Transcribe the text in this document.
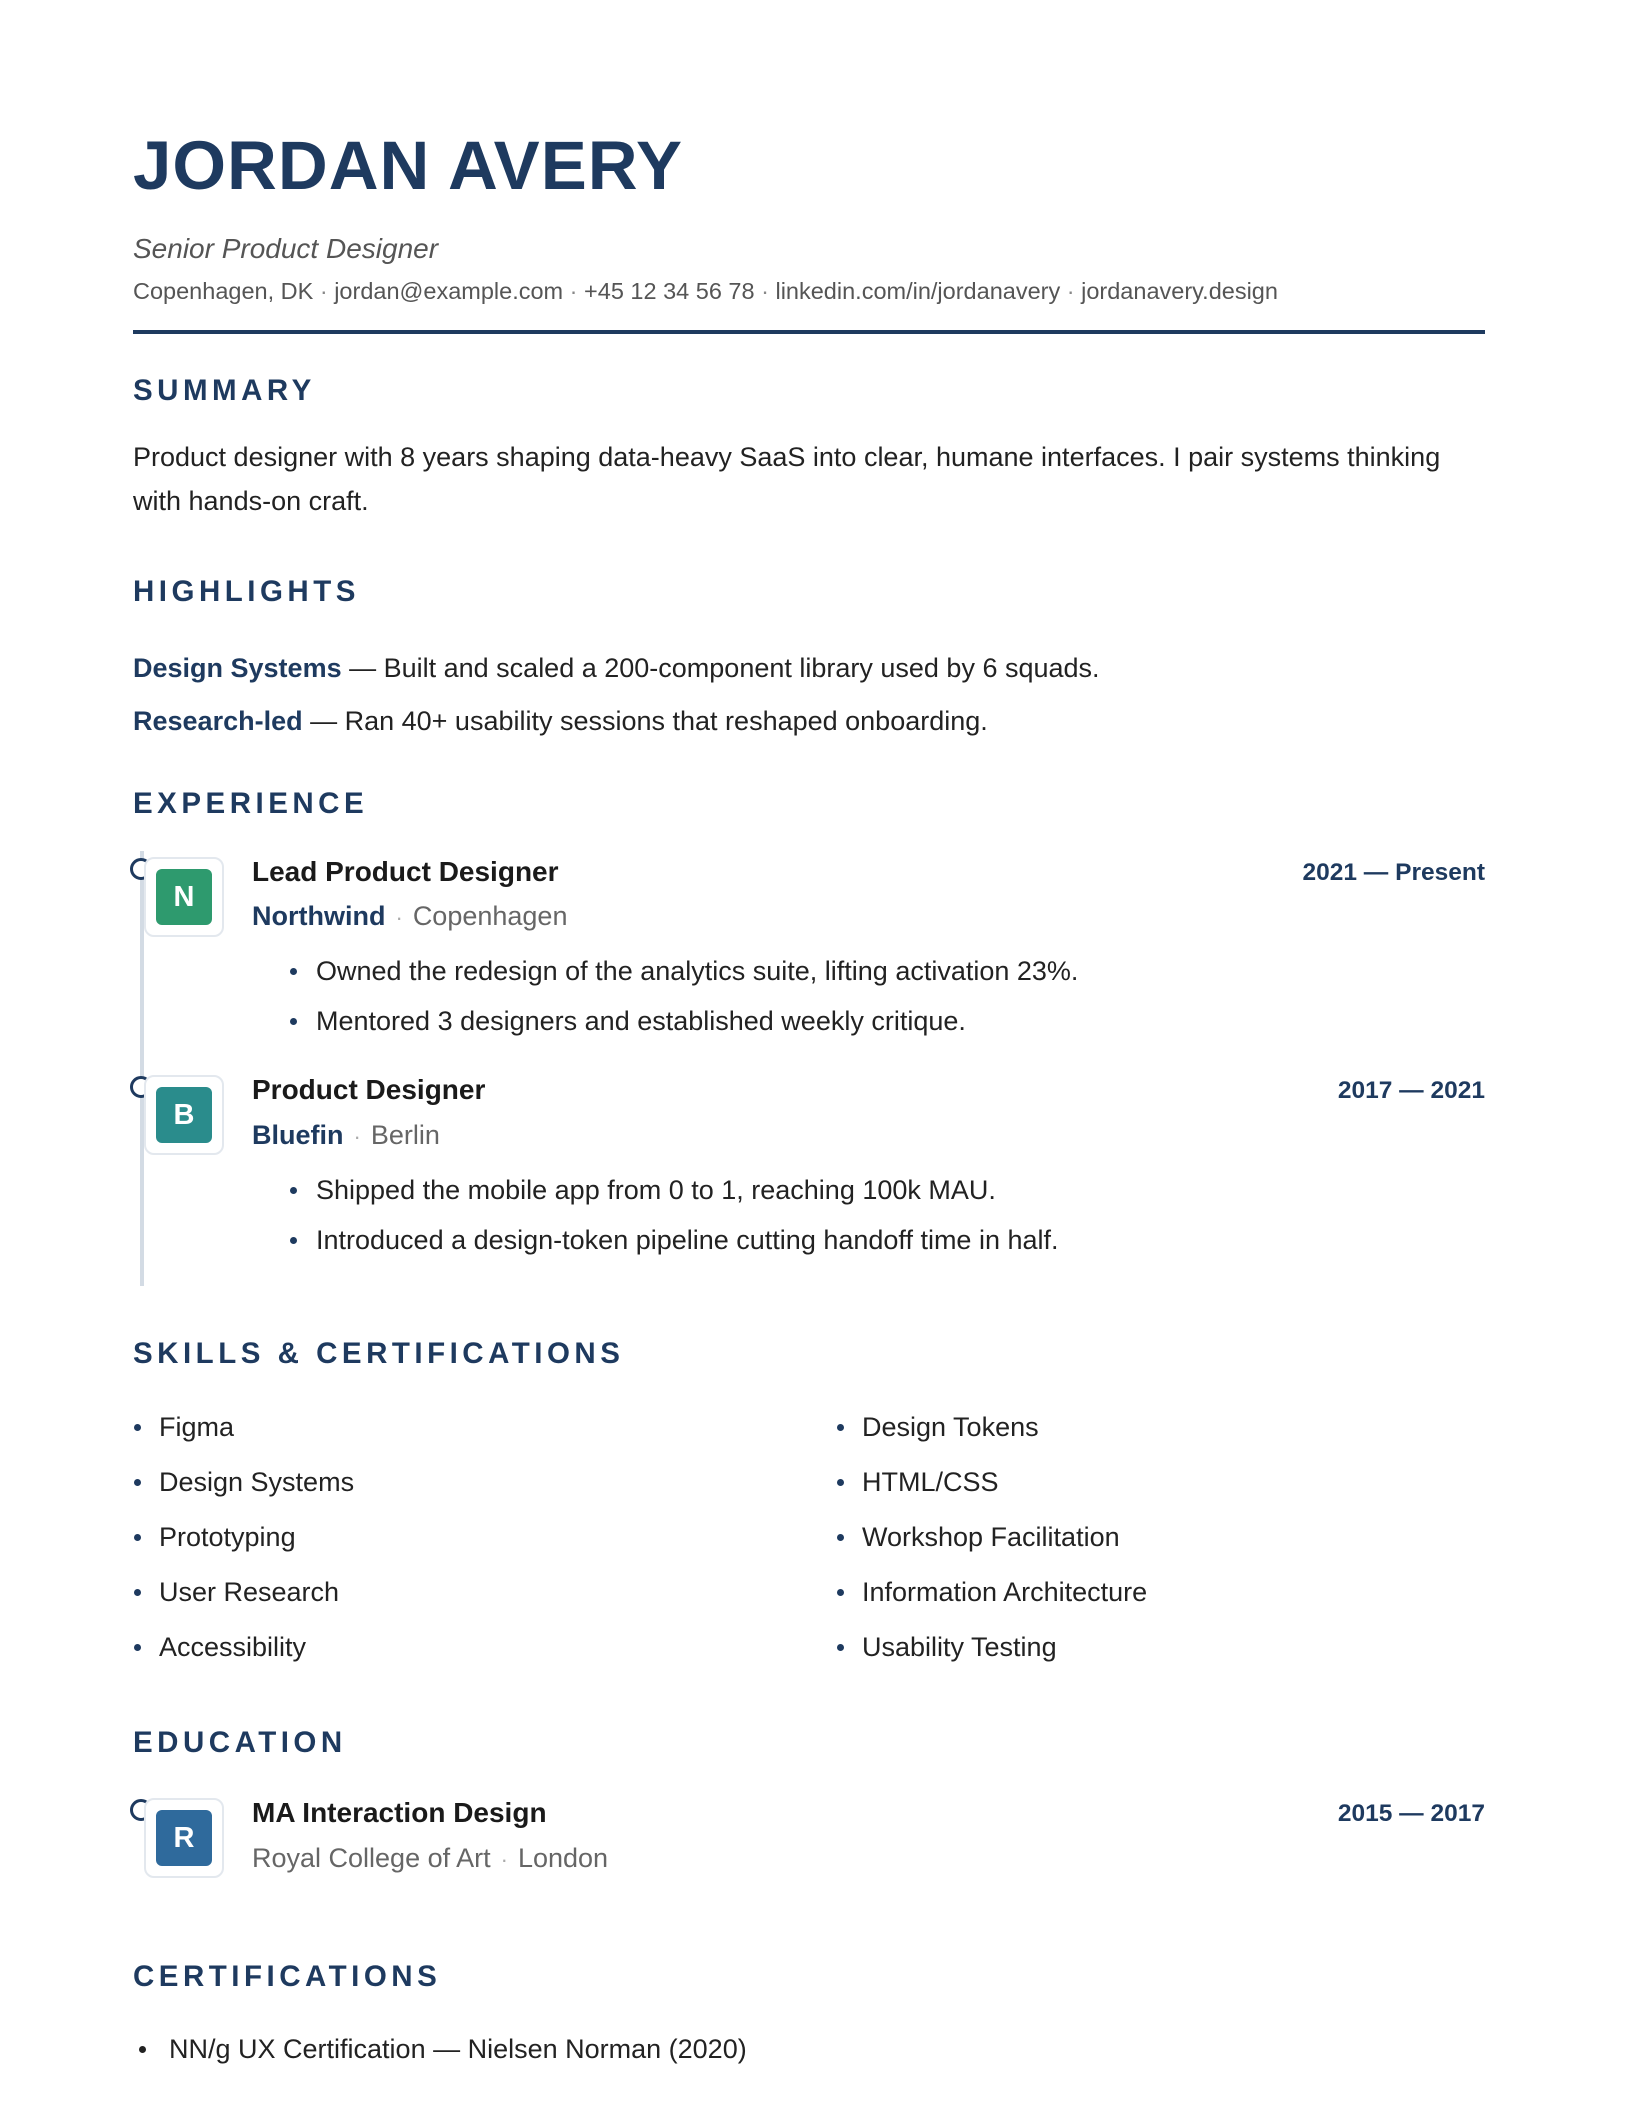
JORDAN AVERY
Senior Product Designer
Copenhagen, DK · jordan@example.com · +45 12 34 56 78 · linkedin.com/in/jordanavery · jordanavery.design
SUMMARY
Product designer with 8 years shaping data-heavy SaaS into clear, humane interfaces. I pair systems thinking with hands-on craft.
HIGHLIGHTS
Design Systems — Built and scaled a 200-component library used by 6 squads.
Research-led — Ran 40+ usability sessions that reshaped onboarding.
EXPERIENCE
N
Lead Product Designer	2021 — Present
Northwind · Copenhagen
Owned the redesign of the analytics suite, lifting activation 23%.
Mentored 3 designers and established weekly critique.
B
Product Designer	2017 — 2021
Bluefin · Berlin
Shipped the mobile app from 0 to 1, reaching 100k MAU.
Introduced a design-token pipeline cutting handoff time in half.
SKILLS & CERTIFICATIONS
Figma	Design Tokens
Design Systems	HTML/CSS
Prototyping	Workshop Facilitation
User Research	Information Architecture
Accessibility	Usability Testing
EDUCATION
R
MA Interaction Design	2015 — 2017
Royal College of Art · London
CERTIFICATIONS
NN/g UX Certification — Nielsen Norman (2020)
